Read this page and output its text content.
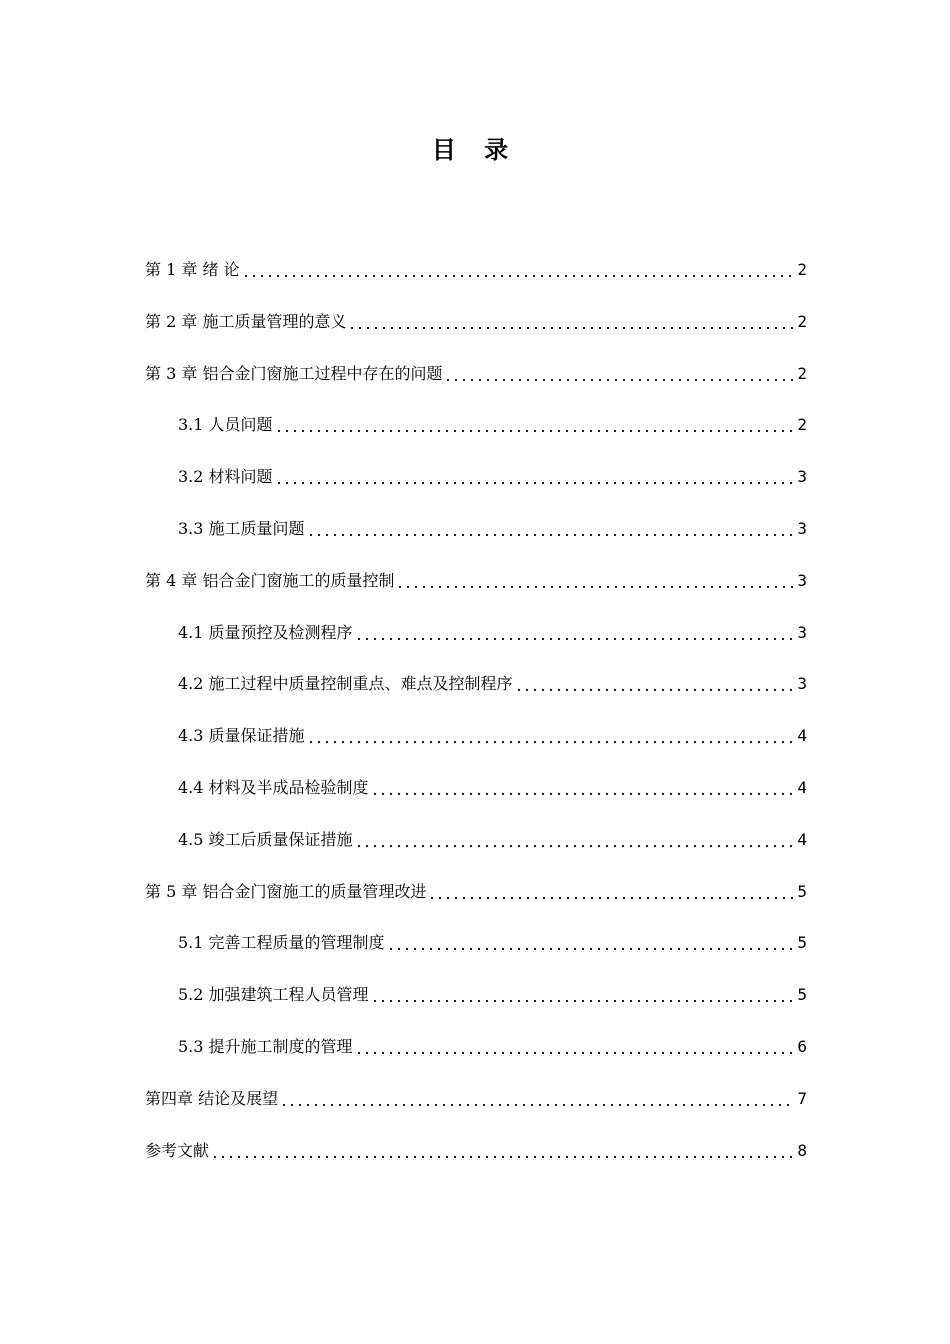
目 录
第 1 章 绪 论	2
第 2 章 施工质量管理的意义	2
第 3 章 铝合金门窗施工过程中存在的问题	2
3.1 人员问题	2
3.2 材料问题	3
3.3 施工质量问题	3
第 4 章 铝合金门窗施工的质量控制	3
4.1 质量预控及检测程序	3
4.2 施工过程中质量控制重点、难点及控制程序	3
4.3 质量保证措施	4
4.4 材料及半成品检验制度	4
4.5 竣工后质量保证措施	4
第 5 章 铝合金门窗施工的质量管理改进	5
5.1 完善工程质量的管理制度	5
5.2 加强建筑工程人员管理	5
5.3 提升施工制度的管理	6
第四章 结论及展望	7
参考文献	8
